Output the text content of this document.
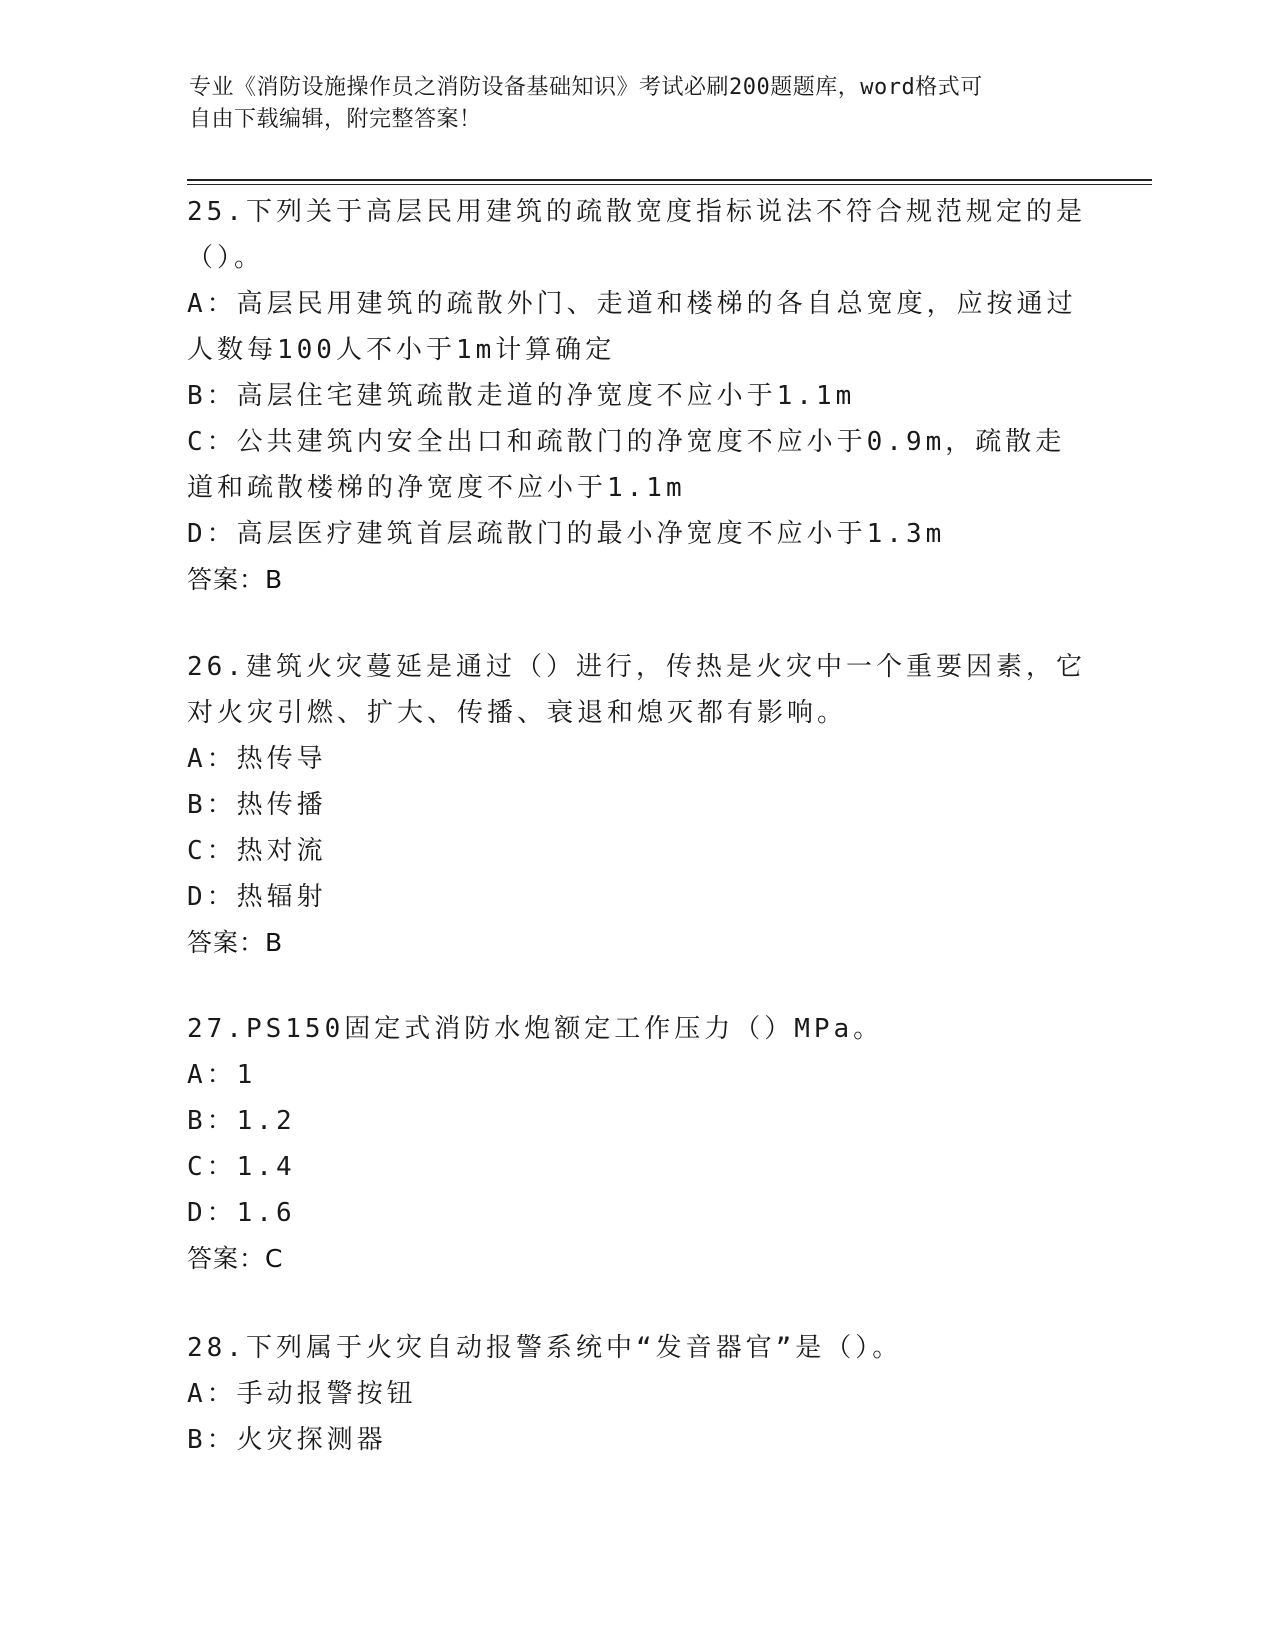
专业《消防设施操作员之消防设备基础知识》考试必刷200题题库，word格式可
自由下载编辑，附完整答案！
25.下列关于高层民用建筑的疏散宽度指标说法不符合规范规定的是（）。
A：高层民用建筑的疏散外门、走道和楼梯的各自总宽度，应按通过人数每100人不小于1m计算确定
B：高层住宅建筑疏散走道的净宽度不应小于1.1m
C：公共建筑内安全出口和疏散门的净宽度不应小于0.9m，疏散走道和疏散楼梯的净宽度不应小于1.1m
D：高层医疗建筑首层疏散门的最小净宽度不应小于1.3m
答案：B
26.建筑火灾蔓延是通过（）进行，传热是火灾中一个重要因素，它对火灾引燃、扩大、传播、衰退和熄灭都有影响。
A：热传导
B：热传播
C：热对流
D：热辐射
答案：B
27.PS150固定式消防水炮额定工作压力（）MPa。
A：1
B：1.2
C：1.4
D：1.6
答案：C
28.下列属于火灾自动报警系统中“发音器官”是（）。
A：手动报警按钮
B：火灾探测器
